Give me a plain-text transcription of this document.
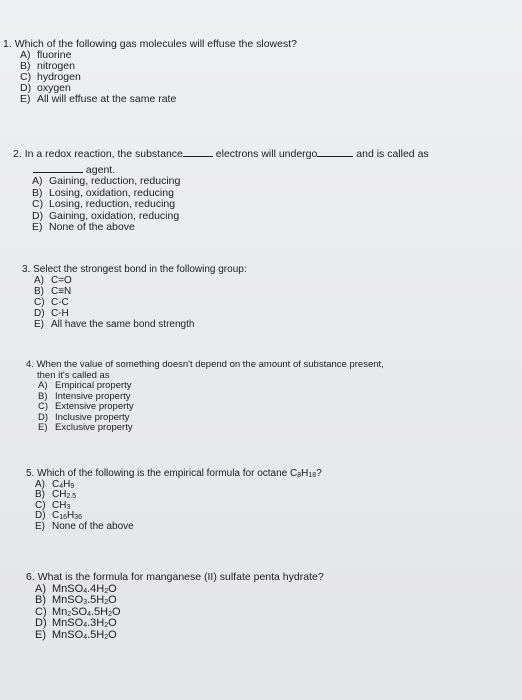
1. Which of the following gas molecules will effuse the slowest?
A) fluorine
B) nitrogen
C) hydrogen
D) oxygen
E) All will effuse at the same rate
2. In a redox reaction, the substance	electrons will undergo	and is called as
agent.
A) Gaining, reduction, reducing
B) Losing, oxidation, reducing
C) Losing, reduction, reducing
D) Gaining, oxidation, reducing
E) None of the above
3. Select the strongest bond in the following group:
A) C=O
B) C≡N
C) C-C
D) C-H
E) All have the same bond strength
4. When the value of something doesn't depend on the amount of substance present,
then it's called as
A) Empirical property
B) Intensive property
C) Extensive property
D) Inclusive property
E) Exclusive property
5. Which of the following is the empirical formula for octane $C_8H_{18}$?
A) $C_4H_9$
B) $CH_{2.5}$
C) $CH_3$
D) $C_{16}H_{36}$
E) None of the above
6. What is the formula for manganese (II) sulfate penta hydrate?
A) $MnSO_4.4H_2O$
B) $MnSO_3.5H_2O$
C) $Mn_2SO_4.5H_2O$
D) $MnSO_4.3H_2O$
E) $MnSO_4.5H_2O$
